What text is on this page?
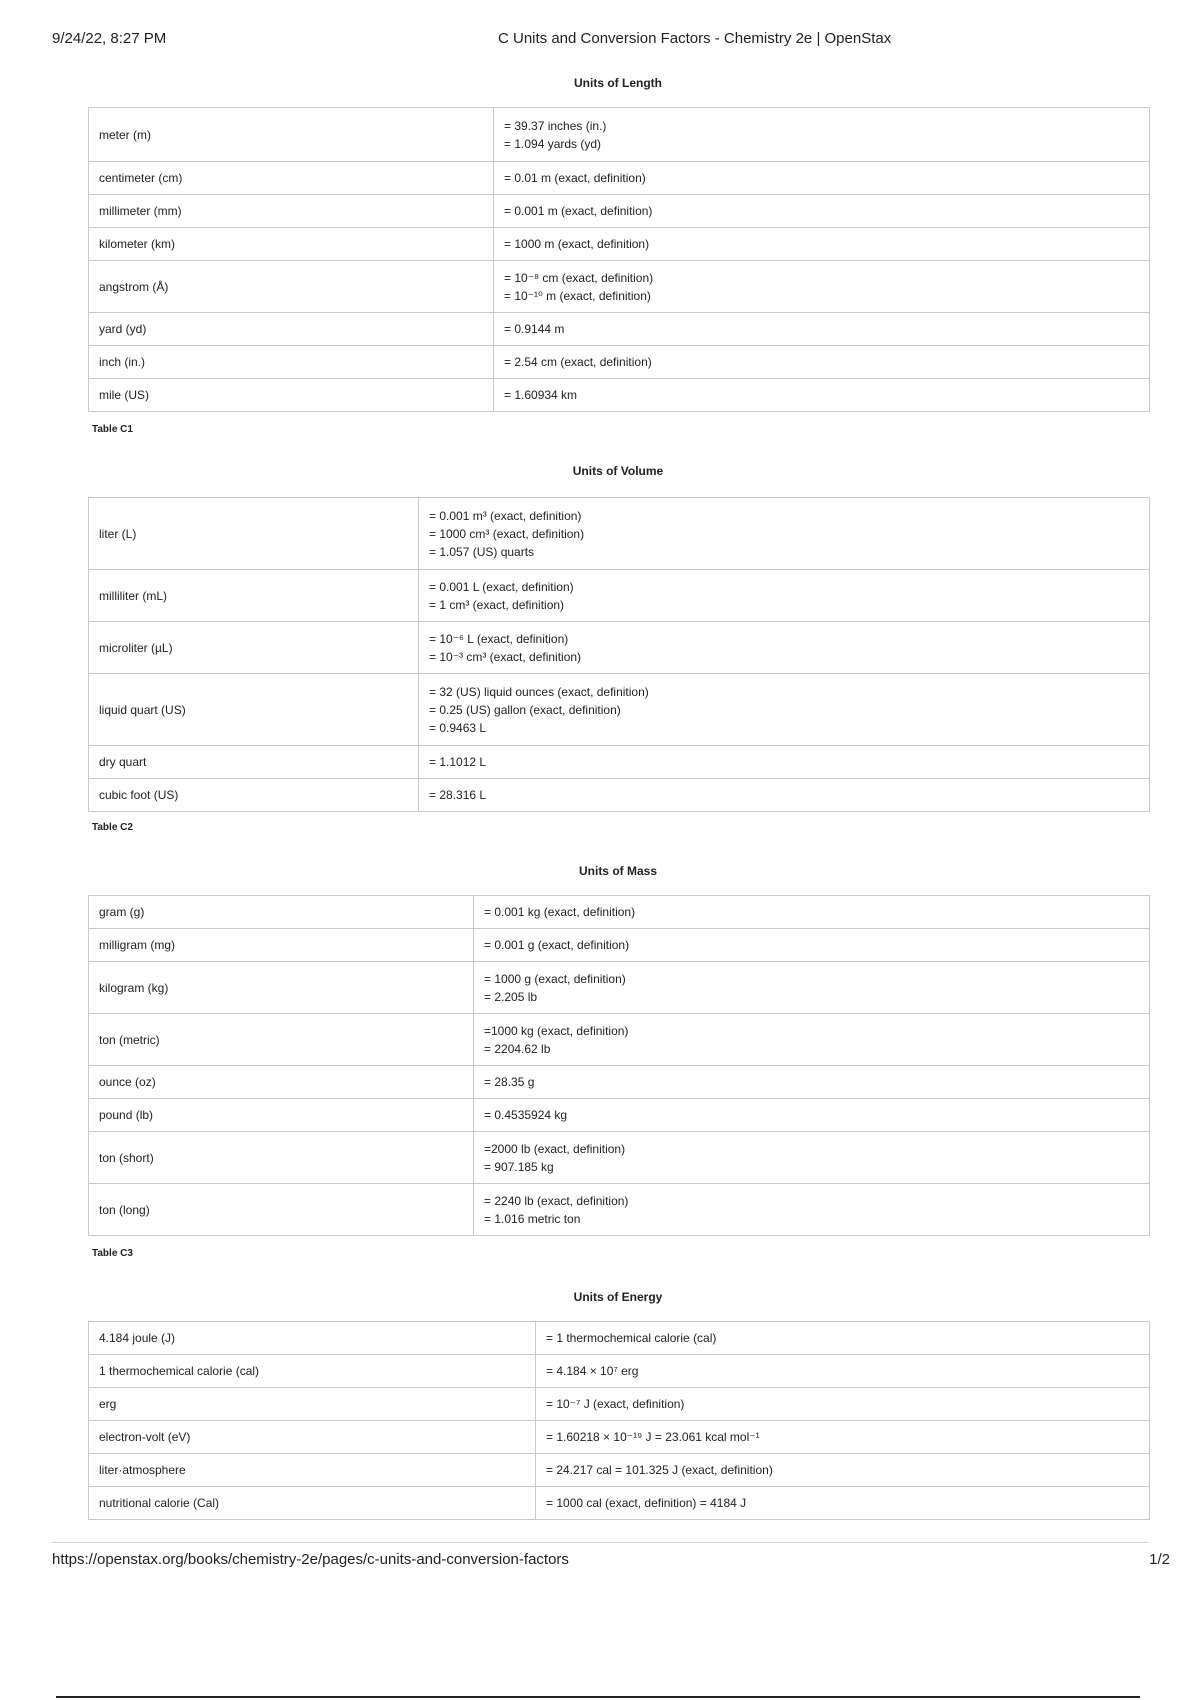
9/24/22, 8:27 PM	C Units and Conversion Factors - Chemistry 2e | OpenStax
Units of Length
meter (m)	= 39.37 inches (in.)
= 1.094 yards (yd)
centimeter (cm)	= 0.01 m (exact, definition)
millimeter (mm)	= 0.001 m (exact, definition)
kilometer (km)	= 1000 m (exact, definition)
angstrom (Å)	= 10⁻⁸ cm (exact, definition)
= 10⁻¹⁰ m (exact, definition)
yard (yd)	= 0.9144 m
inch (in.)	= 2.54 cm (exact, definition)
mile (US)	= 1.60934 km
Table C1
Units of Volume
liter (L)	= 0.001 m³ (exact, definition)
= 1000 cm³ (exact, definition)
= 1.057 (US) quarts
milliliter (mL)	= 0.001 L (exact, definition)
= 1 cm³ (exact, definition)
microliter (µL)	= 10⁻⁶ L (exact, definition)
= 10⁻³ cm³ (exact, definition)
liquid quart (US)	= 32 (US) liquid ounces (exact, definition)
= 0.25 (US) gallon (exact, definition)
= 0.9463 L
dry quart	= 1.1012 L
cubic foot (US)	= 28.316 L
Table C2
Units of Mass
gram (g)	= 0.001 kg (exact, definition)
milligram (mg)	= 0.001 g (exact, definition)
kilogram (kg)	= 1000 g (exact, definition)
= 2.205 lb
ton (metric)	=1000 kg (exact, definition)
= 2204.62 lb
ounce (oz)	= 28.35 g
pound (lb)	= 0.4535924 kg
ton (short)	=2000 lb (exact, definition)
= 907.185 kg
ton (long)	= 2240 lb (exact, definition)
= 1.016 metric ton
Table C3
Units of Energy
4.184 joule (J)	= 1 thermochemical calorie (cal)
1 thermochemical calorie (cal)	= 4.184 × 10⁷ erg
erg	= 10⁻⁷ J (exact, definition)
electron-volt (eV)	= 1.60218 × 10⁻¹⁹ J = 23.061 kcal mol⁻¹
liter·atmosphere	= 24.217 cal = 101.325 J (exact, definition)
nutritional calorie (Cal)	= 1000 cal (exact, definition) = 4184 J
https://openstax.org/books/chemistry-2e/pages/c-units-and-conversion-factors	1/2
